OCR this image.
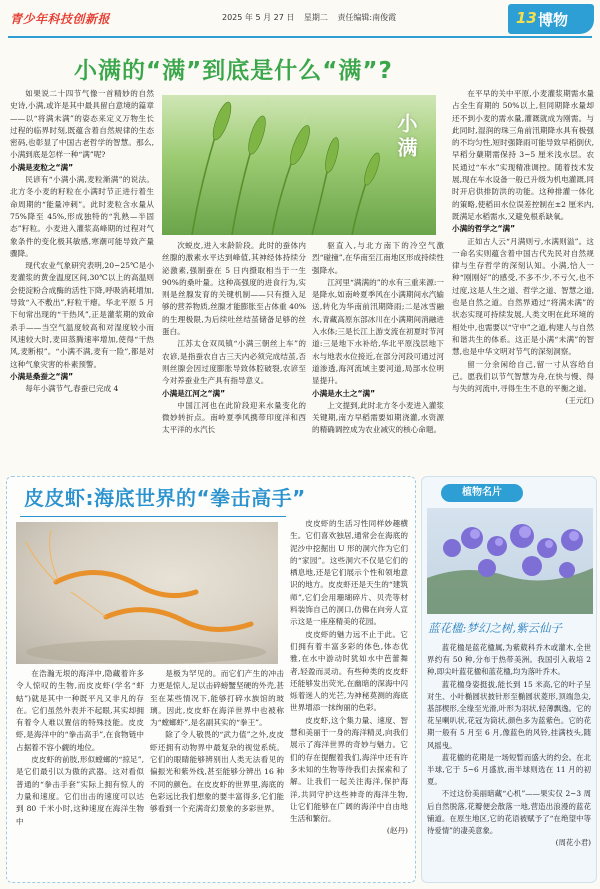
青少年科技创新报	2025 年 5 月 27 日 星期二 责任编辑:南俊霞	13 博物
小满的“满”到底是什么“满”?
小满

如果说二十四节气像一首精妙的自然史诗,小满,或许是其中最具留白意境的篇章——以“将满未满”的姿态来定义万物生长过程的临界时刻,既蕴含着自然规律的生态密码,也彰显了中国古老哲学的智慧。那么,小满到底是怎样一种“满”呢?

小满是麦粒之“满”

民谚有“小满小满,麦粒渐满”的说法。北方冬小麦的籽粒在小满时节正进行着生命周期的“能量冲刺”。此时麦粒含水量从 75%降至 45%,形成独特的“乳熟—半固态”籽粒。小麦进入灌浆高峰期的过程对气象条件的变化极其敏感,寒潮可能导致产量骤降。

现代农业气象研究表明,20~25℃是小麦灌浆的黄金温度区间,30℃以上的高温则会使淀粉合成酶的活性下降,呼吸消耗增加,导致“入不敷出”,籽粒干瘪。华北平原 5 月下旬常出现的“干热风”,正是灌浆期的致命杀手——当空气温度较高和对湿度较小而风速较大时,麦田蒸腾速率增加,使得“干热风,麦断根”。“小满不满,麦有一险”,都是对这种气象灾害的朴素预警。

小满是桑蚕之“满”

每年小满节气,春蚕已完成 4

次蜕皮,进入末龄阶段。此时的蚕体内丝腺的激素水平达到峰值,其神经体持续分泌激素,强制蚕在 5 日内摄取相当于一生 90%的桑叶量。这种高强度的进食行为,实则是丝腺发育的关键机制——只有摄入足够的营养物质,丝腺才能膨胀至占体重 40%的生理极限,为后续吐丝结茧储备足够的丝蛋白。

江苏太仓双凤镇“小满三朝丝上车”的农谚,是指蚕农自古三天内必须完成结茧,否则丝腺会因过度膨胀导致体腔破裂,农谚至今对养蚕业生产具有指导意义。

小满是江河之“满”

中国江河也在此阶段迎来水量变化的微妙转折点。南岭夏季风携带印度洋和西太平洋的水汽长

驱直入,与北方南下的冷空气激烈“碰撞”,在华南至江南地区形成持续性强降水。

江河里“满满的”的水有三重来源:一是降水,如南岭夏季风在小满期间水汽输送,转化为华南前汛期降雨;二是冰雪融水,青藏高原东部冰川在小满期间消融进入水体;三是长江上游支流在初夏时节河道:三是地下水补给,华北平原浅层地下水与地表水位接近,在部分河段可通过河道渗透,海河流域主要河道,局部水位明显提升。

小满是水土之“满”

上文提到,此时北方冬小麦进入灌浆关键期,南方早稻需要如期浇灌,水资源的精确调控成为农业减灾的核心命题。

在平早的关中平原,小麦灌浆期需水量占全生育期的 50%以上,但同期降水量却还不到小麦的需水量,灌溉就成为刚需。与此同时,湿润的珠三角前汛期降水具有极强的不均匀性,短时强降雨可能导致早稻倒伏,早稻分蘖期需保持 3~5 厘米浅水层。农民通过“车水”实现精准调控。随着技术发展,现在车水设备一般已升级为机电灌溉,同时开启供排防洪的功能。这种排灌一体化的策略,使稻田水位误差控制在±2 厘米内,既满足水稻需水,又避免根系缺氧。

小满的哲学之“满”

正如古人云“月满则亏,水满则溢”。这一命名实则蕴含着中国古代先民对自然规律与生存哲学的深刻认知。小满,恰人一种“刚刚好”的感受,不多不少,不亏欠,也不过度,这是人生之道、哲学之道、智慧之道,也是自然之道。自然界通过“将满未满”的状态实现可持续发展,人类文明在此环境的相处中,也需要以“守中”之道,构建人与自然和谐共生的体系。这正是小满“未满”的智慧,也是中华文明对节气的深刻洞察。

留一分余闲给自己,留一寸从容给自己。愿我们以节气智慧为舟,在快与慢、得与失的河流中,寻得生生不息的平衡之道。

(王元红)

皮皮虾:海底世界的“拳击高手”

皮皮虾的生活习性同样妙趣横生。它们喜欢独居,通常会在海底的泥沙中挖掘出 U 形的洞穴作为它们的“家园”。这些洞穴不仅是它们的栖息地,还是它们展示个性和领地意识的地方。皮皮虾还是天生的“建筑师”,它们会用珊瑚碎片、贝壳等材料装饰自己的洞口,仿佛在向旁人宣示这是一座座精美的花园。

皮皮虾的魅力远不止于此。它们拥有着丰富多彩的体色,体态优雅,在水中游动时犹如水中芭蕾舞者,轻盈而灵动。有些种类的皮皮虾还能够发出荧光,在幽暗的深海中闪烁着迷人的光芒,为神秘莫测的海底世界增添一抹绚丽的色彩。

皮皮虾,这个集力量、速度、智慧和美丽于一身的海洋精灵,向我们展示了海洋世界的奇妙与魅力。它们的存在提醒着我们,海洋中还有许多未知的生物等待我们去探索和了解。让我们一起关注海洋,保护海洋,共同守护这些神奇的海洋生物,让它们能够在广阔的海洋中自由地生活和繁衍。

(赵丹)

在浩瀚无垠的海洋中,隐藏着许多令人惊叹的生物,而皮皮虾(学名“虾蛄”)就是其中一种既平凡又非凡的存在。它们虽然外表并不起眼,其实却拥有着令人难以置信的特殊技能。皮皮虾,是海洋中的“拳击高手”,在食物链中占据着不容小觑的地位。

皮皮虾的前肢,形似螳螂的“掠足”,是它们最引以为傲的武器。这对看似普通的“拳击手套”实际上拥有惊人的力量和速度。它们出击的速度可以达到 80 千米小时,这种速度在海洋生物中

是极为罕见的。而它们产生的冲击力更是惊人,足以击碎螃蟹坚硬的外壳,甚至在某些情况下,能够打碎水族馆的玻璃。因此,皮皮虾在海洋世界中也被称为“螳螂虾”,是名副其实的“拳王”。

除了令人敬畏的“武力值”之外,皮皮虾还拥有动物界中最复杂的视觉系统。它们的眼睛能够辨别出人类无法看见的偏振光和紫外线,甚至能够分辨出 16 种不同的颜色。在皮皮虾的世界里,海底的色彩远比我们想象的要丰富得多,它们能够看到一个充满奇幻景象的多彩世界。

植物名片
蓝花楹:梦幻之树,紫云仙子

蓝花楹是蓝花楹属,为紫葳科乔木或灌木,全世界约有 50 种,分布于热带美洲。我国引入栽培 2 种,即尖叶蓝花楹和蓝花楹,均为落叶乔木。

蓝花楹身姿挺拔,能长到 15 米高,它的叶子呈对生、小叶椭圆状披针形至椭圆状菱形,顶端急尖,基部楔形,全缘至光滑,叶形为羽状,轻薄飘逸。它的花呈喇叭状,花冠为筒状,颜色多为蓝紫色。它的花期一般有 5 月至 6 月,像蓝色的风铃,挂满枝头,随风摇曳。

蓝花楹的花期是一场短暂而盛大的约会。在北半球,它于 5~6 月盛放,南半球则选在 11 月的初夏。

不过这份美丽暗藏“心机”——果实仅 2~3 周后自然脱落,花瓣便会散落一地,营造出浪漫的蓝花铺道。在原生地区,它的花语被赋予了“在绝望中等待爱情”的凄美意象。

(周花小君)
